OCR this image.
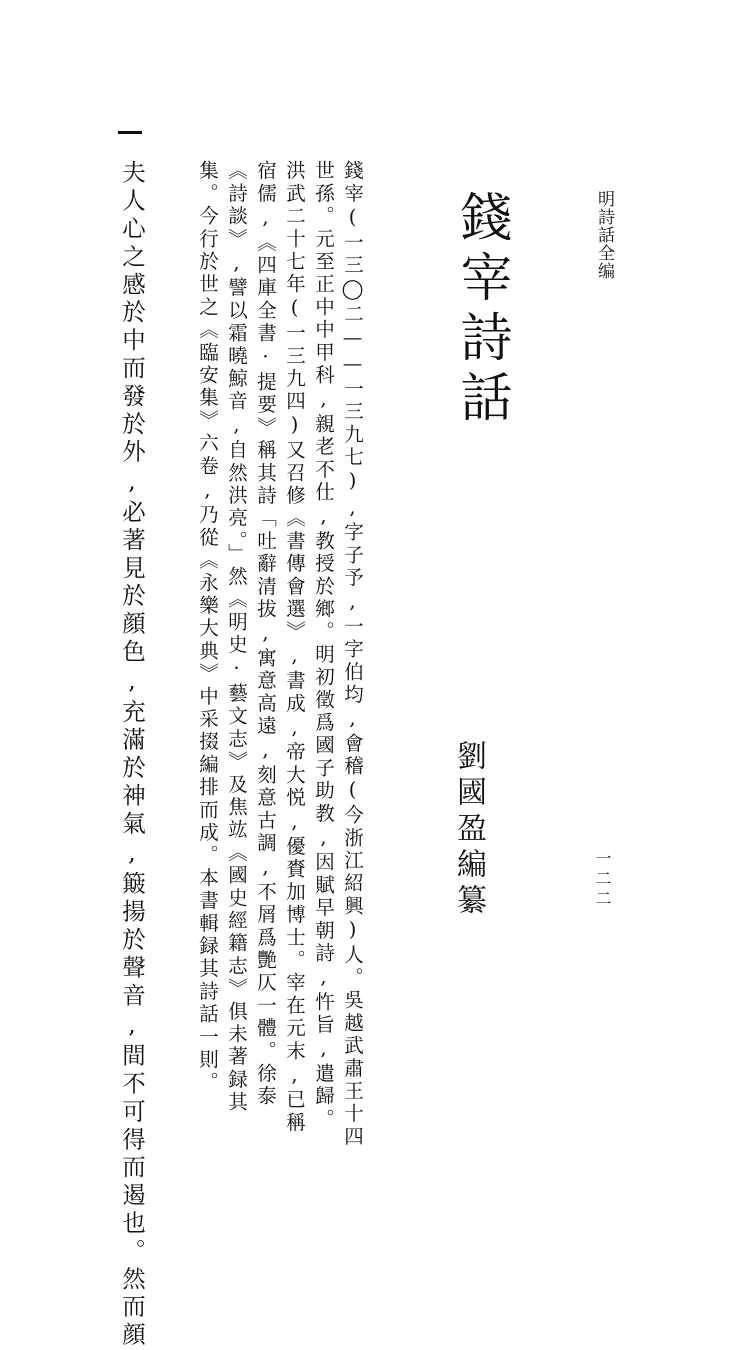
明詩話全编
錢宰詩話
劉國盈編纂	一二二
錢宰(一三◯二——一三九七),字子予,一字伯均,會稽(今浙江紹興)人。吳越武肅王十四
世孫。元至正中中甲科,親老不仕,教授於鄉。明初徵爲國子助教,因賦早朝詩,忤旨,遣歸。
洪武二十七年(一三九四)又召修《書傳會選》,書成,帝大悦,優賚加博士。宰在元末,已稱
宿儒,《四庫全書·提要》稱其詩「吐辭清拔,寓意高遠,刻意古調,不屑爲艷仄一體。徐泰
《詩談》,譬以霜曉鯨音,自然洪亮。」然《明史·藝文志》及焦竑《國史經籍志》俱未著録其
集。今行於世之《臨安集》六卷,乃從《永樂大典》中采掇編排而成。本書輯録其詩話一則。
夫人心之感於中而發於外,必著見於顔色,充滿於神氣,簸揚於聲音,間不可得而遏也。然而顔
